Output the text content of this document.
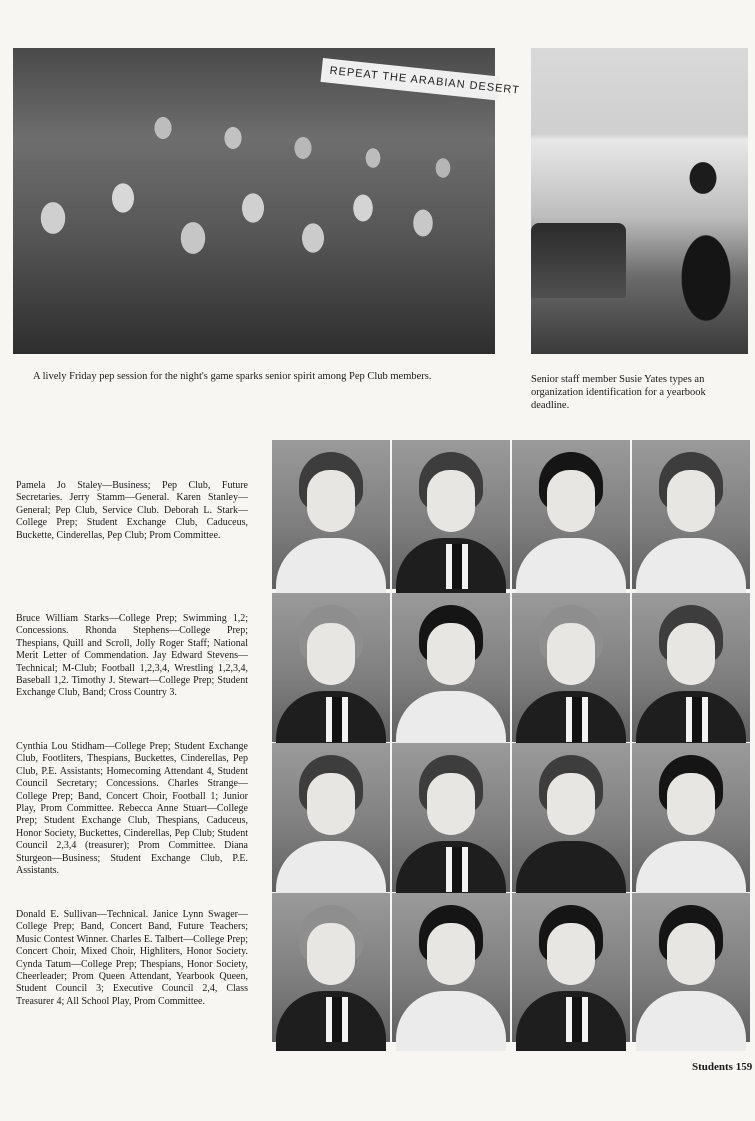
REPEAT THE ARABIAN DESERT

A lively Friday pep session for the night's game sparks senior spirit among Pep Club members.	Senior staff member Susie Yates types an organization identification for a yearbook deadline.

Pamela Jo Staley—Business; Pep Club, Future Secretaries. Jerry Stamm—General. Karen Stanley—General; Pep Club, Service Club. Deborah L. Stark—College Prep; Student Exchange Club, Caduceus, Buckette, Cinderellas, Pep Club; Prom Committee.

Bruce William Starks—College Prep; Swimming 1,2; Concessions. Rhonda Stephens—College Prep; Thespians, Quill and Scroll, Jolly Roger Staff; National Merit Letter of Commendation. Jay Edward Stevens—Technical; M-Club; Football 1,2,3,4, Wrestling 1,2,3,4, Baseball 1,2. Timothy J. Stewart—College Prep; Student Exchange Club, Band; Cross Country 3.

Cynthia Lou Stidham—College Prep; Student Exchange Club, Footliters, Thespians, Buckettes, Cinderellas, Pep Club, P.E. Assistants; Homecoming Attendant 4, Student Council Secretary; Concessions. Charles Strange—College Prep; Band, Concert Choir, Football 1; Junior Play, Prom Committee. Rebecca Anne Stuart—College Prep; Student Exchange Club, Thespians, Caduceus, Honor Society, Buckettes, Cinderellas, Pep Club; Student Council 2,3,4 (treasurer); Prom Committee. Diana Sturgeon—Business; Student Exchange Club, P.E. Assistants.

Donald E. Sullivan—Technical. Janice Lynn Swager—College Prep; Band, Concert Band, Future Teachers; Music Contest Winner. Charles E. Talbert—College Prep; Concert Choir, Mixed Choir, Highliters, Honor Society. Cynda Tatum—College Prep; Thespians, Honor Society, Cheerleader; Prom Queen Attendant, Yearbook Queen, Student Council 3; Executive Council 2,4, Class Treasurer 4; All School Play, Prom Committee.

Students 159
